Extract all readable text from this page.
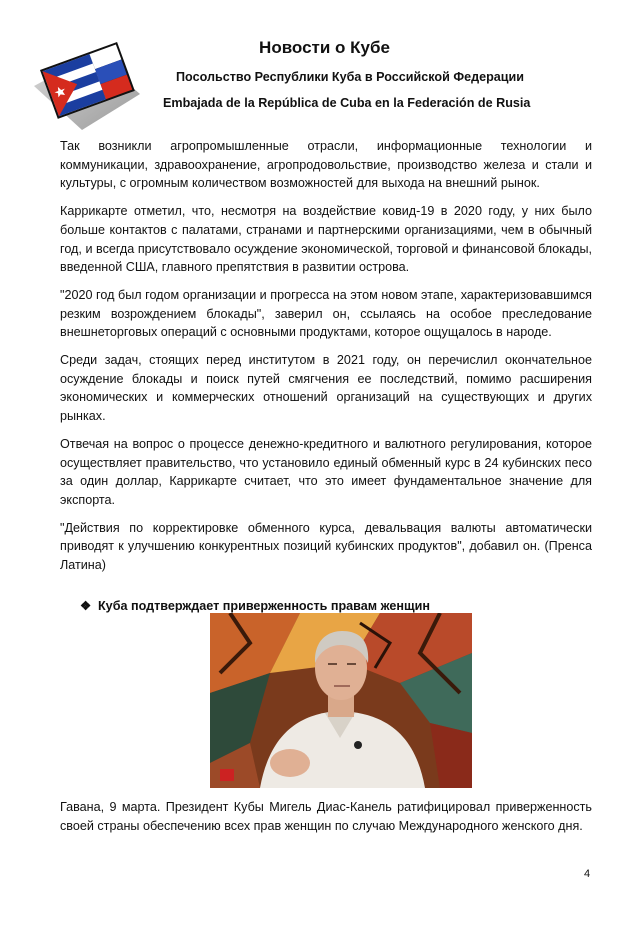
Новости о Кубе
Посольство Республики Куба в Российской Федерации
Embajada de la República de Cuba en la Federación de Rusia

Так возникли агропромышленные отрасли, информационные технологии и коммуникации, здравоохранение, агропродовольствие, производство железа и стали и культуры, с огромным количеством возможностей для выхода на внешний рынок.

Каррикарте отметил, что, несмотря на воздействие ковид-19 в 2020 году, у них было больше контактов с палатами, странами и партнерскими организациями, чем в обычный год, и всегда присутствовало осуждение экономической, торговой и финансовой блокады, введенной США, главного препятствия в развитии острова.

"2020 год был годом организации и прогресса на этом новом этапе, характеризовавшимся резким возрождением блокады", заверил он, ссылаясь на особое преследование внешнеторговых операций с основными продуктами, которое ощущалось в народе.

Среди задач, стоящих перед институтом в 2021 году, он перечислил окончательное осуждение блокады и поиск путей смягчения ее последствий, помимо расширения экономических и коммерческих отношений организаций на существующих и других рынках.

Отвечая на вопрос о процессе денежно-кредитного и валютного регулирования, которое осуществляет правительство, что установило единый обменный курс в 24 кубинских песо за один доллар, Каррикарте считает, что это имеет фундаментальное значение для экспорта.

"Действия по корректировке обменного курса, девальвация валюты автоматически приводят к улучшению конкурентных позиций кубинских продуктов", добавил он. (Пренса Латина)

❖ Куба подтверждает приверженность правам женщин

Гавана, 9 марта. Президент Кубы Мигель Диас-Канель ратифицировал приверженность своей страны обеспечению всех прав женщин по случаю Международного женского дня.

4
